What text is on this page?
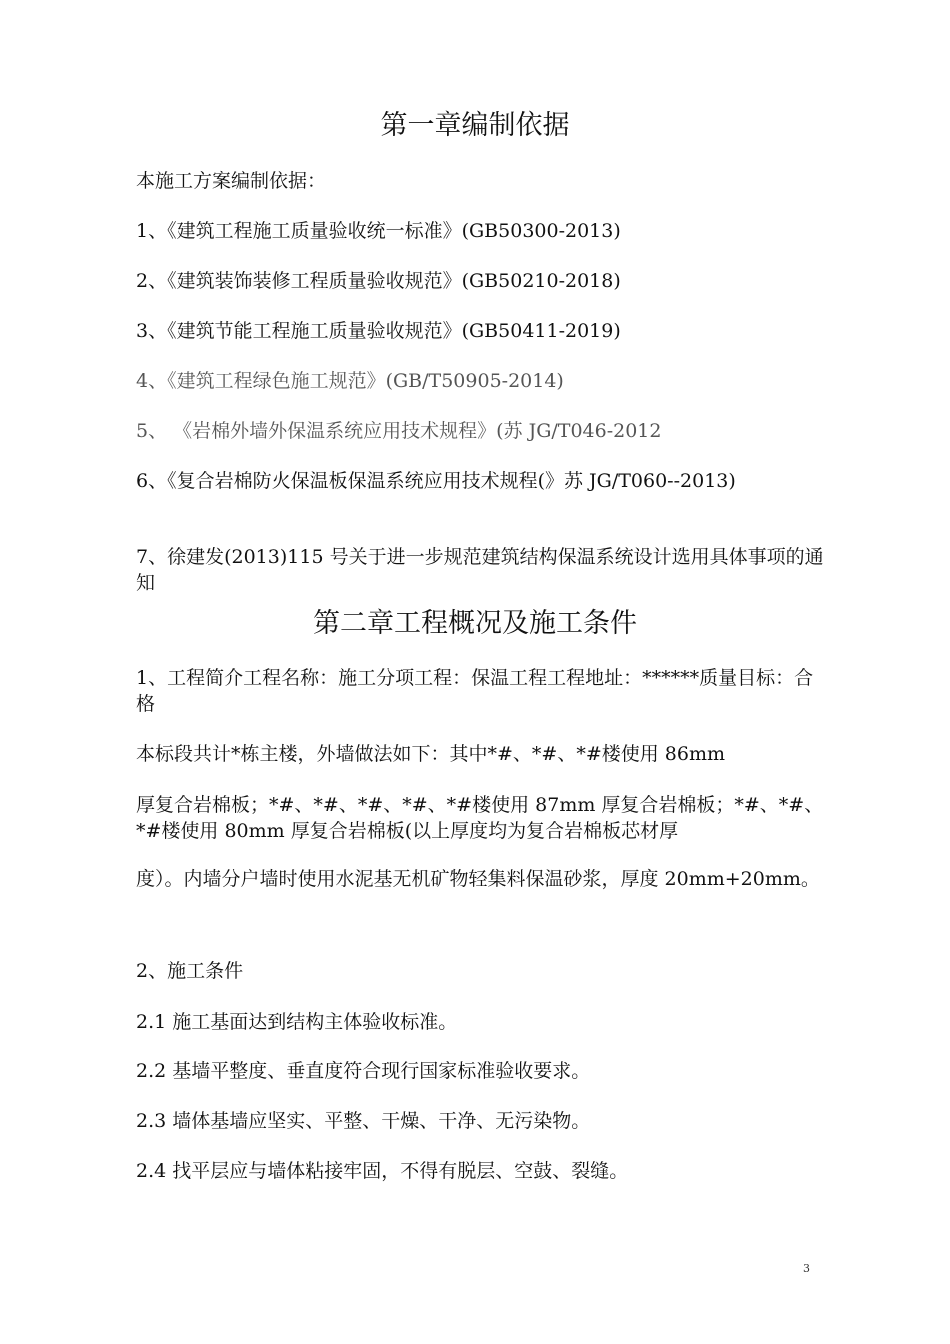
第一章编制依据
本施工方案编制依据：
1、《建筑工程施工质量验收统一标准》(GB50300-2013)
2、《建筑装饰装修工程质量验收规范》(GB50210-2018)
3、《建筑节能工程施工质量验收规范》(GB50411-2019)
4、《建筑工程绿色施工规范》(GB/T50905-2014)
5、 《岩棉外墙外保温系统应用技术规程》(苏 JG/T046-2012
6、《复合岩棉防火保温板保温系统应用技术规程(》苏 JG/T060--2013)
7、徐建发(2013)115 号关于进一步规范建筑结构保温系统设计选用具体事项的通知
第二章工程概况及施工条件
1、工程简介工程名称：施工分项工程：保温工程工程地址：******质量目标：合格
本标段共计*栋主楼，外墙做法如下：其中*#、*#、*#楼使用 86mm
厚复合岩棉板；*#、*#、*#、*#、*#楼使用 87mm 厚复合岩棉板；*#、*#、*#楼使用 80mm 厚复合岩棉板(以上厚度均为复合岩棉板芯材厚
度）。内墙分户墙时使用水泥基无机矿物轻集料保温砂浆，厚度 20mm+20mm。
2、施工条件
2.1 施工基面达到结构主体验收标准。
2.2 基墙平整度、垂直度符合现行国家标准验收要求。
2.3 墙体基墙应坚实、平整、干燥、干净、无污染物。
2.4 找平层应与墙体粘接牢固，不得有脱层、空鼓、裂缝。
3
